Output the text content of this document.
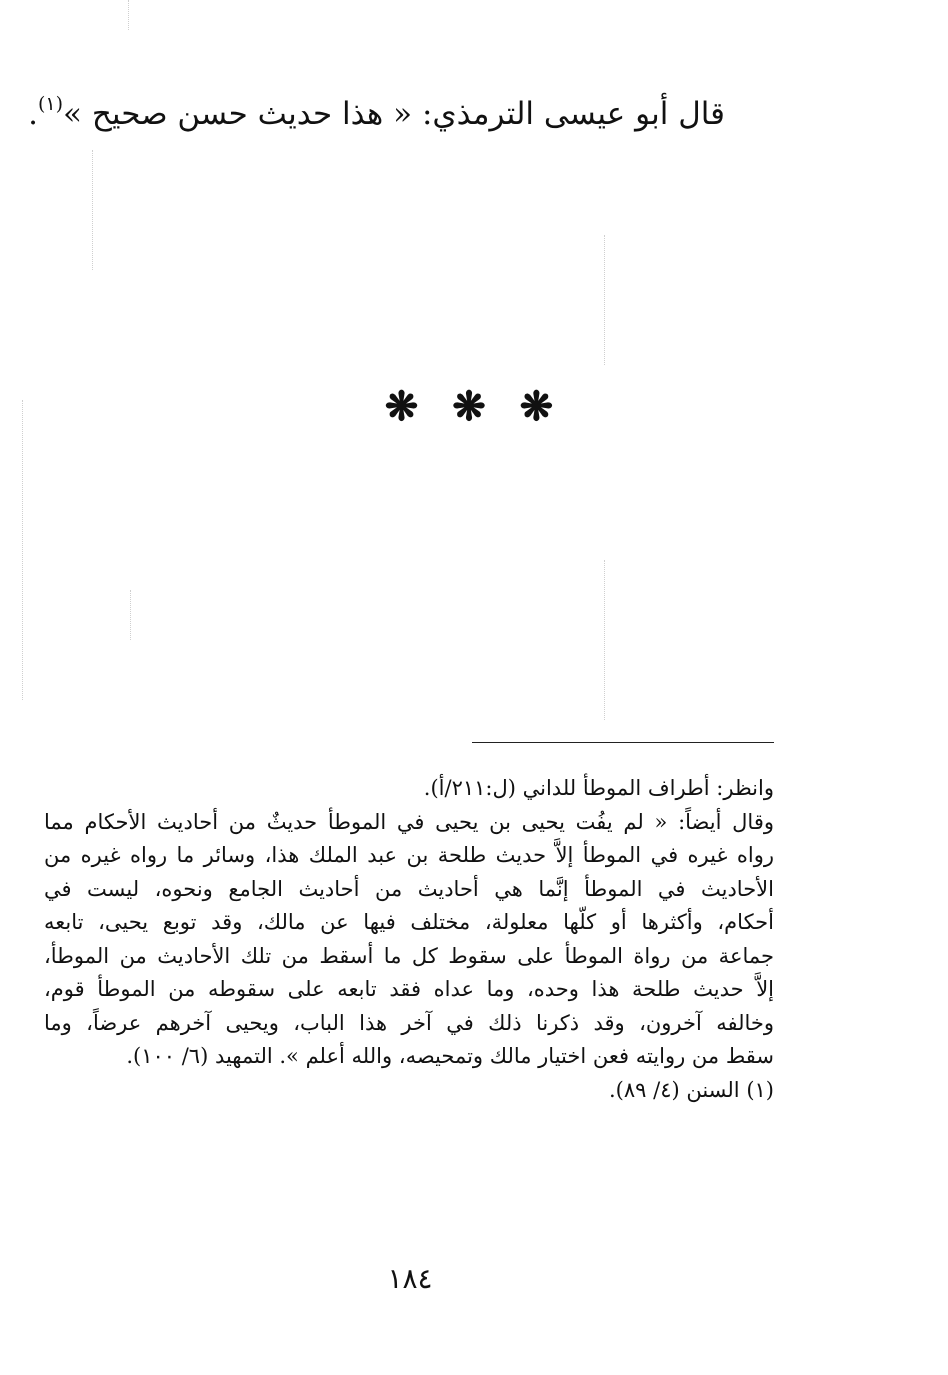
قال أبو عيسى الترمذي: « هذا حديث حسن صحيح »$^{(١)}$.
❋ ❋ ❋
وانظر: أطراف الموطأ للداني (ل:٢١١/أ).
وقال أيضاً: « لم يفُت يحيى بن يحيى في الموطأ حديثٌ من أحاديث الأحكام مما
رواه غيره في الموطأ إلاَّ حديث طلحة بن عبد الملك هذا، وسائر ما رواه غيره من
الأحاديث في الموطأ إنَّما هي أحاديث من أحاديث الجامع ونحوه، ليست في
أحكام، وأكثرها أو كلّها معلولة، مختلف فيها عن مالك، وقد توبع يحيى، تابعه
جماعة من رواة الموطأ على سقوط كل ما أسقط من تلك الأحاديث من الموطأ،
إلاَّ حديث طلحة هذا وحده، وما عداه فقد تابعه على سقوطه من الموطأ قوم،
وخالفه آخرون، وقد ذكرنا ذلك في آخر هذا الباب، ويحيى آخرهم عرضاً، وما
سقط من روايته فعن اختيار مالك وتمحيصه، والله أعلم ». التمهيد (٦/ ١٠٠).
(١) السنن (٤/ ٨٩).
١٨٤
